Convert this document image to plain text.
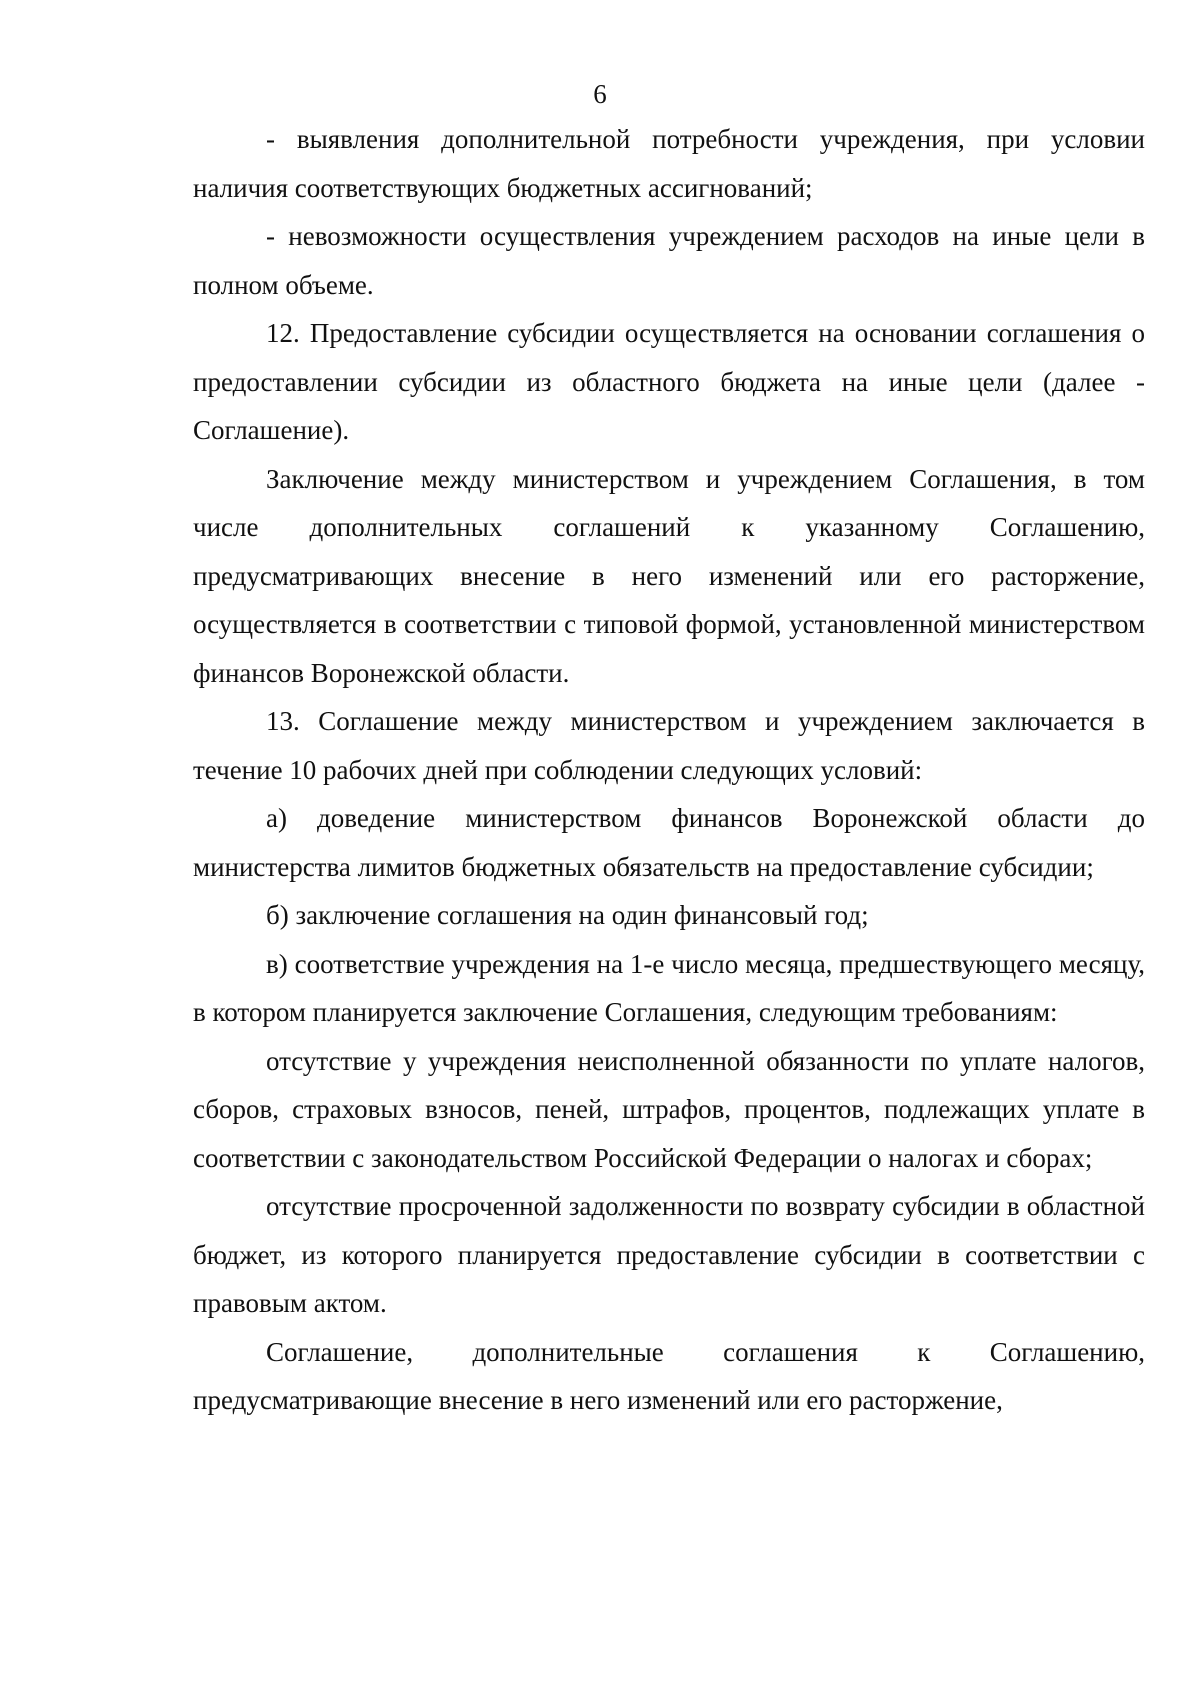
6

- выявления дополнительной потребности учреждения, при условии наличия соответствующих бюджетных ассигнований;

- невозможности осуществления учреждением расходов на иные цели в полном объеме.

12. Предоставление субсидии осуществляется на основании соглашения о предоставлении субсидии из областного бюджета на иные цели (далее - Соглашение).

Заключение между министерством и учреждением Соглашения, в том числе дополнительных соглашений к указанному Соглашению, предусматривающих внесение в него изменений или его расторжение, осуществляется в соответствии с типовой формой, установленной министерством финансов Воронежской области.

13. Соглашение между министерством и учреждением заключается в течение 10 рабочих дней при соблюдении следующих условий:

а) доведение министерством финансов Воронежской области до министерства лимитов бюджетных обязательств на предоставление субсидии;

б) заключение соглашения на один финансовый год;

в) соответствие учреждения на 1-е число месяца, предшествующего месяцу, в котором планируется заключение Соглашения, следующим требованиям:

отсутствие у учреждения неисполненной обязанности по уплате налогов, сборов, страховых взносов, пеней, штрафов, процентов, подлежащих уплате в соответствии с законодательством Российской Федерации о налогах и сборах;

отсутствие просроченной задолженности по возврату субсидии в областной бюджет, из которого планируется предоставление субсидии в соответствии с правовым актом.

Соглашение, дополнительные соглашения к Соглашению, предусматривающие внесение в него изменений или его расторжение,
